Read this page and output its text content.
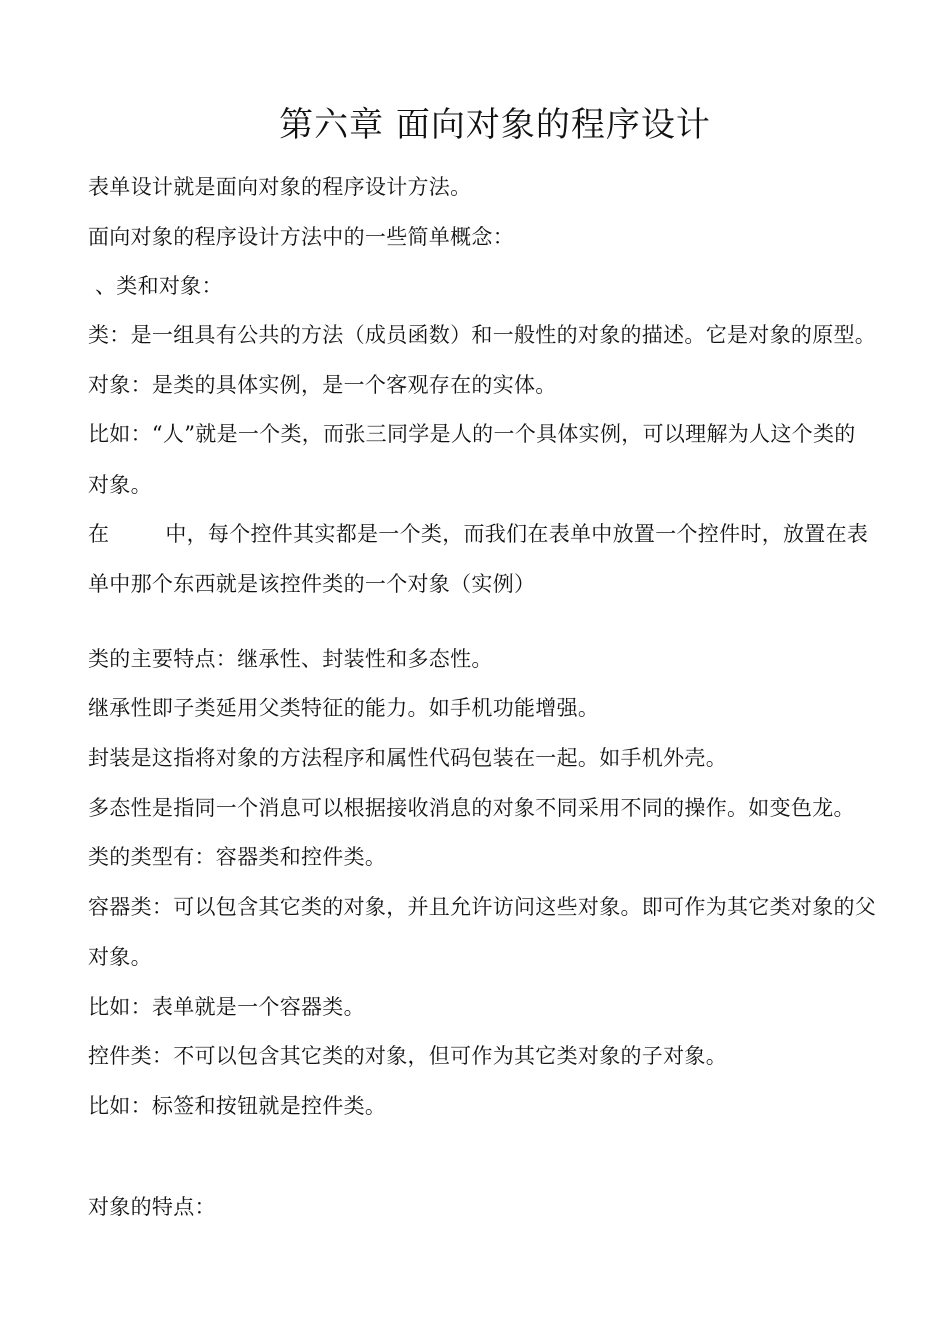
第六章 面向对象的程序设计
表单设计就是面向对象的程序设计方法。
面向对象的程序设计方法中的一些简单概念：
、类和对象：
类：是一组具有公共的方法（成员函数）和一般性的对象的描述。它是对象的原型。
对象：是类的具体实例，是一个客观存在的实体。
比如：“人”就是一个类，而张三同学是人的一个具体实例，可以理解为人这个类的
对象。
在	中，每个控件其实都是一个类，而我们在表单中放置一个控件时，放置在表
单中那个东西就是该控件类的一个对象（实例）
类的主要特点：继承性、封装性和多态性。
继承性即子类延用父类特征的能力。如手机功能增强。
封装是这指将对象的方法程序和属性代码包装在一起。如手机外壳。
多态性是指同一个消息可以根据接收消息的对象不同采用不同的操作。如变色龙。
类的类型有：容器类和控件类。
容器类：可以包含其它类的对象，并且允许访问这些对象。即可作为其它类对象的父
对象。
比如：表单就是一个容器类。
控件类：不可以包含其它类的对象，但可作为其它类对象的子对象。
比如：标签和按钮就是控件类。
对象的特点：
